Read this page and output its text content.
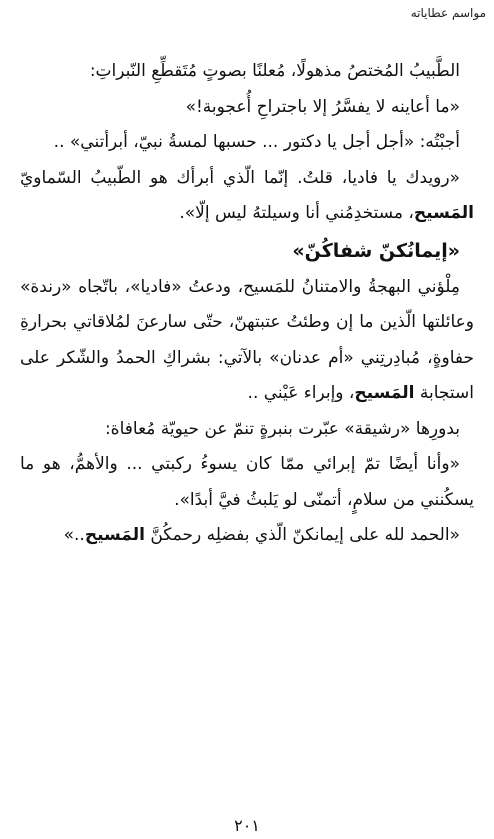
مواسم عطاياته

الطَّبيبُ المُختصُ مذهولًا، مُعلنًا بصوتٍ مُتَقطِّعِ النّبراتِ:

«ما أعاينه لا يفسَّرُ إلا باجتراحِ أُعجوبة!»

أجبْتُه: «أجل أجل يا دكتور ... حسبها لمسةُ نبيّ، أبرأتني» ..

«رويدك يا فاديا، قلتُ. إنّما الّذي أبرأك هو الطّبيبُ السّماويّ المَسيح، مستخدِمُني أنا وسيلتهُ ليس إلّا».

«إيمانُكنّ شفاكُنّ»

مِلْؤني البهجةُ والامتنانُ للمَسيح، ودعتُ «فاديا»، باتّجاه «رندة» وعائلتها الّذين ما إن وطئتُ عتبتهنّ، حتّى سارعنَ لمُلاقاتي بحرارةِ حفاوةٍ، مُبادِرتِني «أم عدنان» بالآتي: بشراكِ الحمدُ والشّكر على استجابة المَسيح، وإبراء عَيْني ..

بدورِها «رشيقة» عبّرت بنبرةٍ تنمّ عن حيويّة مُعافاة:

«وأنا أيضًا تمّ إبرائي ممّا كان يسوءُ ركبتي ... والأهمُّ، هو ما يسكُنني من سلامٍ، أتمنّى لو يَلبثُ فيَّ أبدًا».

«الحمد لله على إيمانكنّ الّذي بفضلِه رحمكُنَّ المَسيح..»

٢٠١
